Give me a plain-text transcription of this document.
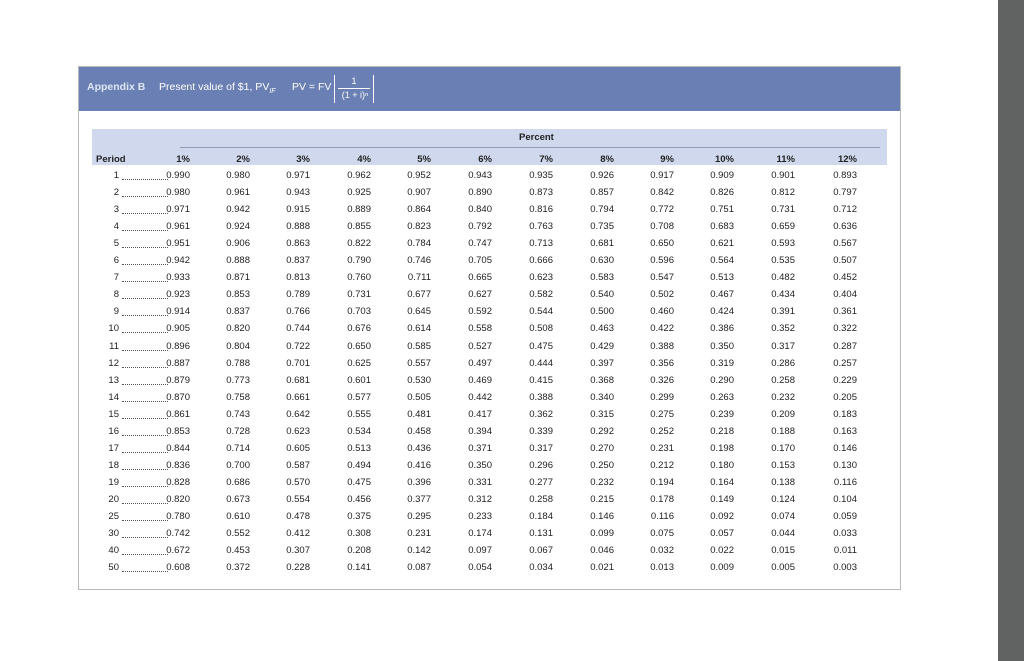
Appendix B Present value of $1, $PV_{IF}$ PV = FV	1
(1 + i)ⁿ
Percent
Period	1%	2%	3%	4%	5%	6%	7%	8%	9%	10%	11%	12%
1	0.990	0.980	0.971	0.962	0.952	0.943	0.935	0.926	0.917	0.909	0.901	0.893
2	0.980	0.961	0.943	0.925	0.907	0.890	0.873	0.857	0.842	0.826	0.812	0.797
3	0.971	0.942	0.915	0.889	0.864	0.840	0.816	0.794	0.772	0.751	0.731	0.712
4	0.961	0.924	0.888	0.855	0.823	0.792	0.763	0.735	0.708	0.683	0.659	0.636
5	0.951	0.906	0.863	0.822	0.784	0.747	0.713	0.681	0.650	0.621	0.593	0.567
6	0.942	0.888	0.837	0.790	0.746	0.705	0.666	0.630	0.596	0.564	0.535	0.507
7	0.933	0.871	0.813	0.760	0.711	0.665	0.623	0.583	0.547	0.513	0.482	0.452
8	0.923	0.853	0.789	0.731	0.677	0.627	0.582	0.540	0.502	0.467	0.434	0.404
9	0.914	0.837	0.766	0.703	0.645	0.592	0.544	0.500	0.460	0.424	0.391	0.361
10	0.905	0.820	0.744	0.676	0.614	0.558	0.508	0.463	0.422	0.386	0.352	0.322
11	0.896	0.804	0.722	0.650	0.585	0.527	0.475	0.429	0.388	0.350	0.317	0.287
12	0.887	0.788	0.701	0.625	0.557	0.497	0.444	0.397	0.356	0.319	0.286	0.257
13	0.879	0.773	0.681	0.601	0.530	0.469	0.415	0.368	0.326	0.290	0.258	0.229
14	0.870	0.758	0.661	0.577	0.505	0.442	0.388	0.340	0.299	0.263	0.232	0.205
15	0.861	0.743	0.642	0.555	0.481	0.417	0.362	0.315	0.275	0.239	0.209	0.183
16	0.853	0.728	0.623	0.534	0.458	0.394	0.339	0.292	0.252	0.218	0.188	0.163
17	0.844	0.714	0.605	0.513	0.436	0.371	0.317	0.270	0.231	0.198	0.170	0.146
18	0.836	0.700	0.587	0.494	0.416	0.350	0.296	0.250	0.212	0.180	0.153	0.130
19	0.828	0.686	0.570	0.475	0.396	0.331	0.277	0.232	0.194	0.164	0.138	0.116
20	0.820	0.673	0.554	0.456	0.377	0.312	0.258	0.215	0.178	0.149	0.124	0.104
25	0.780	0.610	0.478	0.375	0.295	0.233	0.184	0.146	0.116	0.092	0.074	0.059
30	0.742	0.552	0.412	0.308	0.231	0.174	0.131	0.099	0.075	0.057	0.044	0.033
40	0.672	0.453	0.307	0.208	0.142	0.097	0.067	0.046	0.032	0.022	0.015	0.011
50	0.608	0.372	0.228	0.141	0.087	0.054	0.034	0.021	0.013	0.009	0.005	0.003
